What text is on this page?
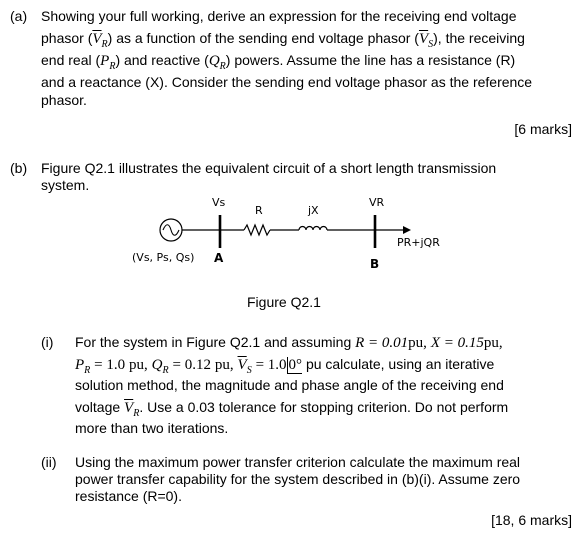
(a) Showing your full working, derive an expression for the receiving end voltage
phasor $(\overline{V}_R)$ as a function of the sending end voltage phasor $(\overline{V}_S)$, the receiving
end real $(P_R)$ and reactive $(Q_R)$ powers. Assume the line has a resistance (R)
and a reactance (X). Consider the sending end voltage phasor as the reference
phasor.
[6 marks]
(b) Figure Q2.1 illustrates the equivalent circuit of a short length transmission
system.
Vs
R	jX
VR
(Vs, Ps, Qs) A	B
PR+jQR
Figure Q2.1
(i) For the system in Figure Q2.1 and assuming R = 0.01pu, X = 0.15pu,
$P_R = 1.0$ pu, $Q_R = 0.12$ pu, $\overline{V}_S = 1.0$ 0° pu calculate, using an iterative
solution method, the magnitude and phase angle of the receiving end
voltage $\overline{V}_R$. Use a 0.03 tolerance for stopping criterion. Do not perform
more than two iterations.
(ii) Using the maximum power transfer criterion calculate the maximum real
power transfer capability for the system described in (b)(i). Assume zero
resistance (R=0).
[18, 6 marks]
